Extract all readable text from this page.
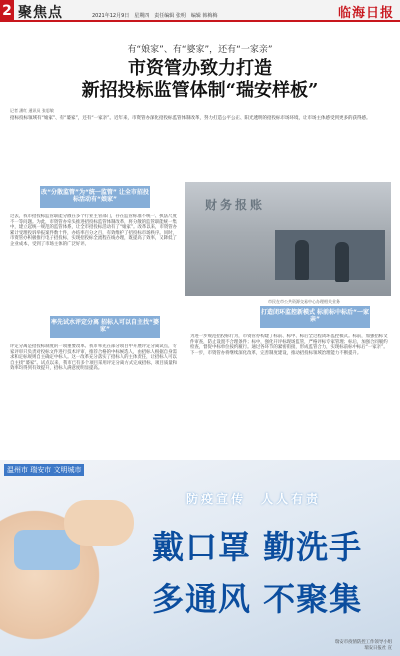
2 聚焦点	2021年12月9日　星期四　责任编辑 张明　编辑 韩梅梅	临海日报
有“娘家”、有“婆家”，还有“一家亲”
市资管办致力打造
新招投标监管体制“瑞安样板”
记者 潘红 通讯员 张思敏
招标投标领域有“娘家”、有“婆家”，还有“一家亲”。近年来，市资管办深化招投标监管体制改革，努力打造公平公正、阳光透明的招投标市场环境，让市场主体感受到更多的获得感。
改“分散监管”为“统一监管” 让全市招投标活动有“娘家”
过去，我市招投标监管职能分散在多个行业主管部门，存在监管标准不统一、执法尺度不一等问题。为此，市资管办牵头推进招投标监管体制改革，将分散的监管职能统一集中，建立起统一规范的监管体系，让全市招投标活动有了“娘家”。改革以来，市资管办累计受理投诉举报案件数十件，办结率百分之百，有效维护了招投标市场秩序。同时，市资管办积极推行电子招投标，实现招投标全流程在线办理，既提高了效率，又降低了企业成本，受到了市场主体的广泛好评。
财务报账
市民在市公共资源交易中心办理相关业务
率先试水评定分离 招标人可以自主找“婆家”
评定分离是招投标制度的一项重要改革。我市率先在部分项目中开展评定分离试点，专家评审只负责对投标文件进行技术评审，推荐合格的中标候选人，由招标人根据自身需求和定标规则自主确定中标人。这一改革充分落实了招标人的主体责任，让招标人可以自主找“婆家”。试点以来，我市已有多个项目采用评定分离方式完成招标，项目质量和效率均得到有效提升，招标人满意度明显提高。
打造闭环监控新模式 标前标中标后“一家亲”
为进一步规范招投标行为，市资管办构建了标前、标中、标后全过程闭环监控模式。标前，加强招标文件审查，防止设置不合理条件；标中，强化开评标现场监管，严格评标专家管理；标后，加强合同履约检查，督促中标单位按约履行。通过各环节的紧密衔接，形成监管合力，实现标前标中标后“一家亲”。下一步，市资管办将继续深化改革，完善制度建设，推动招投标领域治理能力不断提升。
温州市 瑞安市 文明城市
防疫宣传　人人有责
戴口罩 勤洗手
多通风 不聚集
瑞安市疫情防控工作领导小组
瑞安日报社 宣
